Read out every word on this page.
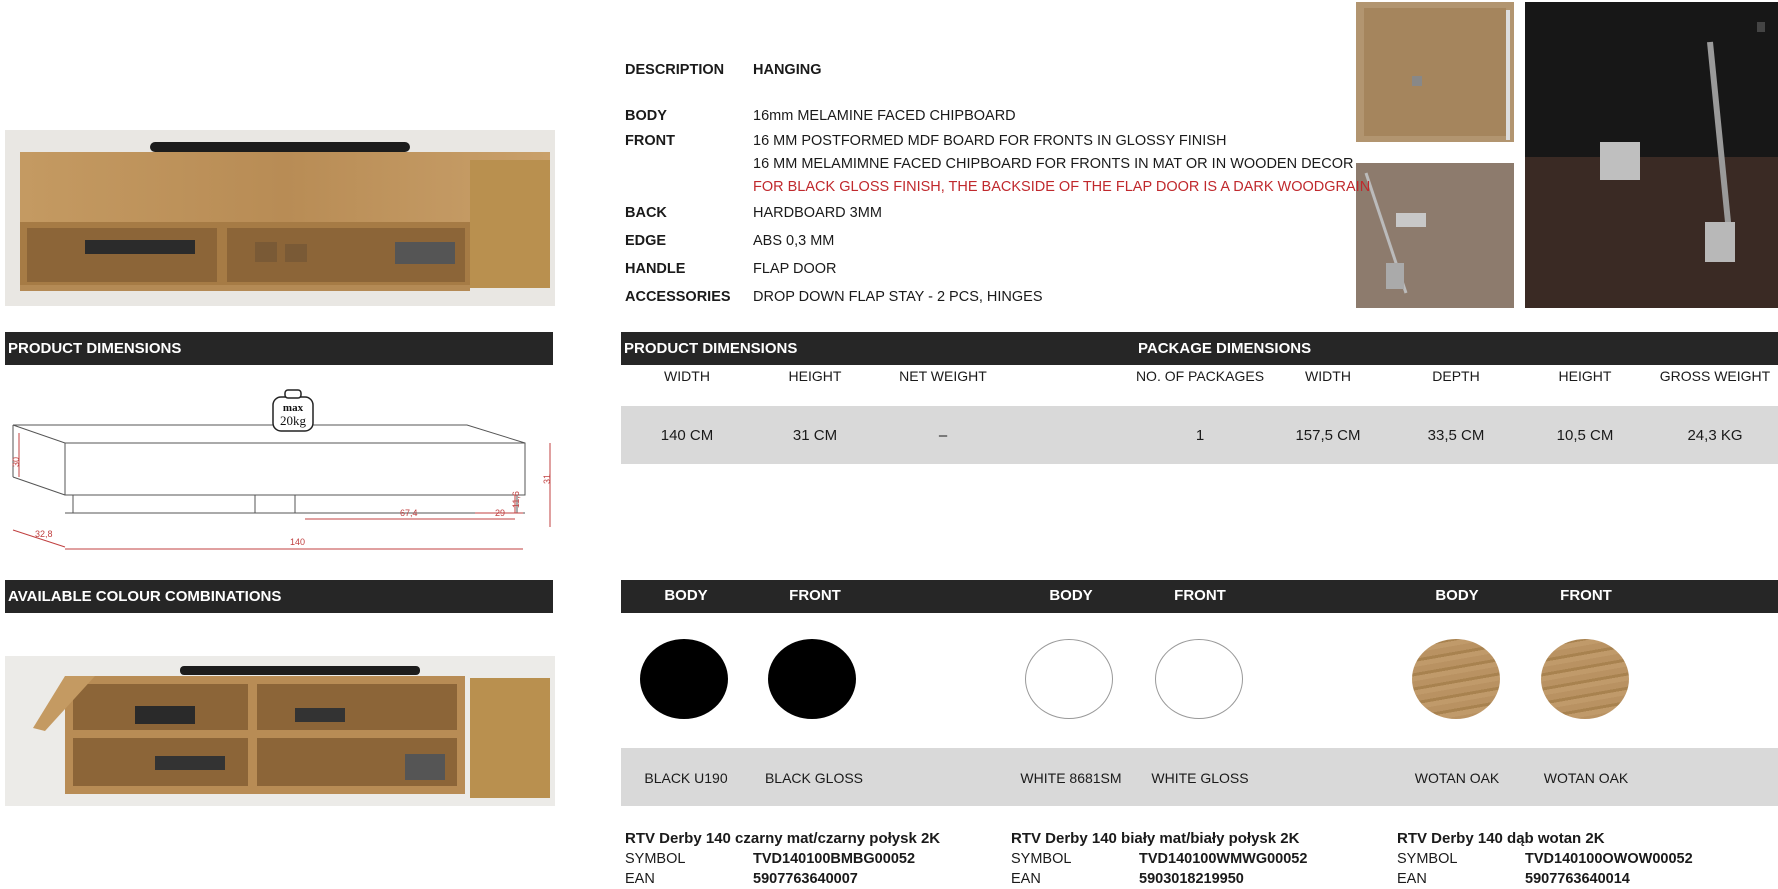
DESCRIPTION HANGING
BODY	16mm MELAMINE FACED CHIPBOARD
FRONT	16 MM POSTFORMED MDF BOARD FOR FRONTS IN GLOSSY FINISH
16 MM MELAMIMNE FACED CHIPBOARD FOR FRONTS IN MAT OR IN WOODEN DECOR
FOR BLACK GLOSS FINISH, THE BACKSIDE OF THE FLAP DOOR IS A DARK WOODGRAIN
BACK	HARDBOARD 3MM
EDGE	ABS 0,3 MM
HANDLE	FLAP DOOR
ACCESSORIES DROP DOWN FLAP STAY - 2 PCS, HINGES
PRODUCT DIMENSIONS	PRODUCT DIMENSIONS	PACKAGE DIMENSIONS
WIDTH	HEIGHT	NET WEIGHT	NO. OF PACKAGES	WIDTH	DEPTH	HEIGHT	GROSS WEIGHT
140 CM	31 CM	–	1	157,5 CM	33,5 CM	10,5 CM	24,3 KG
30
31
11,6
29
67,4
32,8
140
max
20kg
AVAILABLE COLOUR COMBINATIONS	BODY	FRONT	BODY	FRONT	BODY	FRONT
BLACK U190	BLACK GLOSS	WHITE 8681SM	WHITE GLOSS	WOTAN OAK	WOTAN OAK
RTV Derby 140 czarny mat/czarny połysk 2K
SYMBOL	TVD140100BMBG00052
EAN	5907763640007
RTV Derby 140 biały mat/biały połysk 2K
SYMBOL	TVD140100WMWG00052
EAN	5903018219950
RTV Derby 140 dąb wotan 2K
SYMBOL	TVD140100OWOW00052
EAN	5907763640014
